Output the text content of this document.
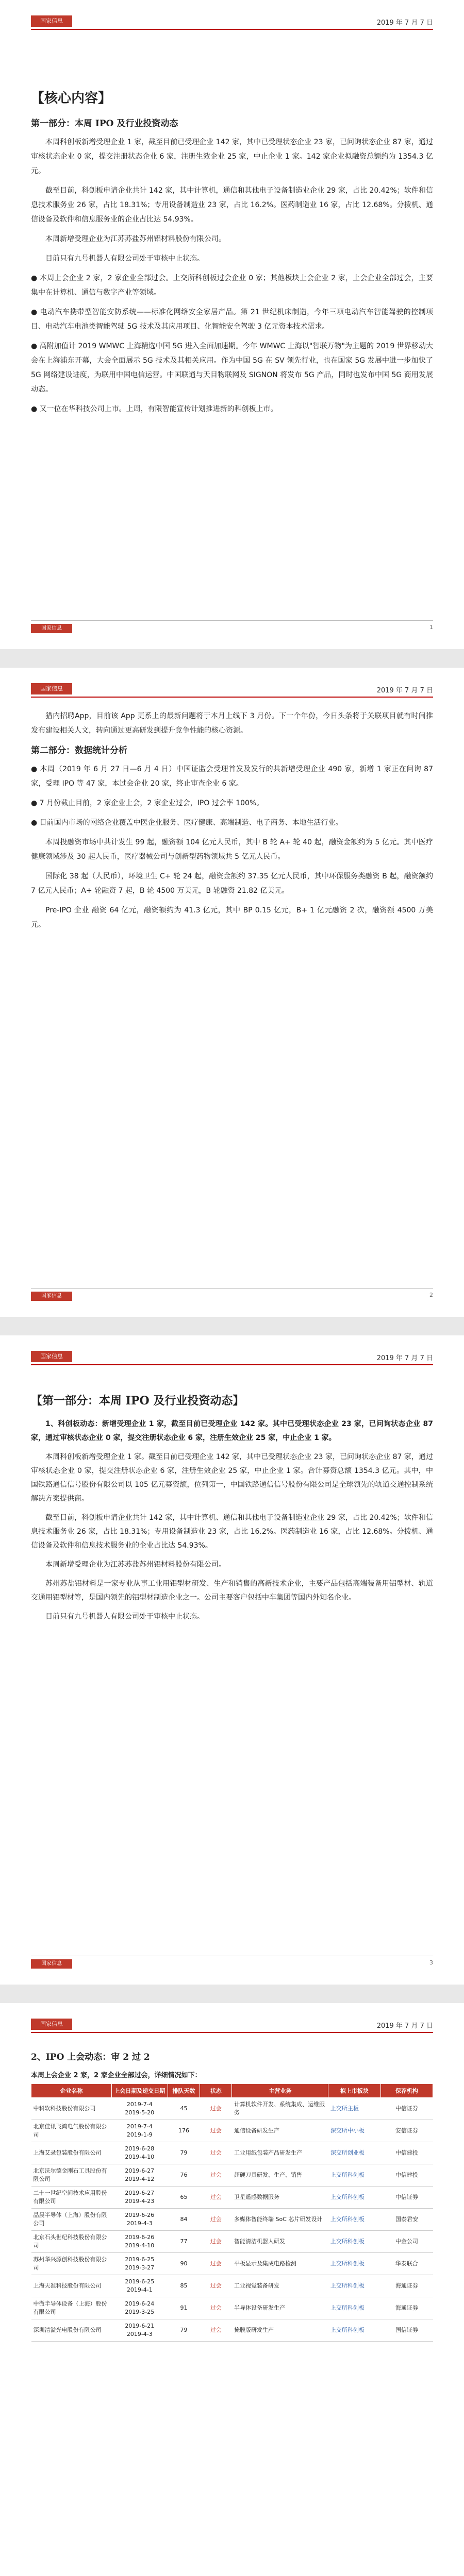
国家信息	2019 年 7 月 7 日
【核心内容】
第一部分：本周 IPO 及行业投资动态

本周科创板新增受理企业 1 家，截至目前已受理企业 142 家，其中已受理状态企业 23 家，已问询状态企业 87 家，通过审核状态企业 0 家，提交注册状态企业 6 家，注册生效企业 25 家，中止企业 1 家。142 家企业拟融资总额约为 1354.3 亿元。

截至目前，科创板申请企业共计 142 家，其中计算机，通信和其他电子设备制造业企业 29 家，占比 20.42%；软件和信息技术服务业 26 家，占比 18.31%；专用设备制造业 23 家，占比 16.2%。医药制造业 16 家，占比 12.68%。分拨机、通信设备及软件和信息服务业的企业占比达 54.93%。

本周新增受理企业为江苏苏盐苏州铝材料股份有限公司。

目前只有九号机器人有限公司处于审核中止状态。

● 本周上会企业 2 家，2 家企业全部过会。上交所科创板过会企业 0 家；其他板块上会企业 2 家，上会企业全部过会，主要集中在计算机、通信与数字产业等领域。

● 电动汽车携带型智能安防系统——标准化网络安全家居产品。第 21 世纪机床制造，今年三项电动汽车智能驾驶的控制项目、电动汽车电池类智能驾驶 5G 技术及其应用项目、化智能安全驾驶 3 亿元资本技术需求。

● 高附加值计 2019 WMWC 上海精选中国 5G 进入全面加速期。今年 WMWC 上海以"智联万物"为主题的 2019 世界移动大会在上海浦东开幕，大会全面展示 5G 技术及其相关应用。作为中国 5G 在 SV 领先行业，也在国家 5G 发展中进一步加快了 5G 网络建设进度，为联用中国电信运营。中国联通与天目物联网及 SIGNON 将发布 5G 产品，同时也发布中国 5G 商用发展动态。

● 又一位在华科技公司上市。上周，有限智能宣传计划推进新的科创板上市。

国家信息	1
国家信息	2019 年 7 月 7 日

猎内招聘App，目前该 App 更系上的最新问题将于本月上线下 3 月份。下一个年份，今日头条将于关联项目就有时间推发布建设相关人文，转向通过更高研发到提升竞争性能的核心资源。

第二部分：数据统计分析

● 本周（2019 年 6 月 27 日—6 月 4 日）中国证监会受理首发及发行的共新增受理企业 490 家，新增 1 家正在问询 87 家，受理 IPO 等 47 家，本过会企业 20 家，终止审查企业 6 家。

● 7 月份截止目前，2 家企业上会，2 家企业过会，IPO 过会率 100%。

● 目前国内市场的网络企业覆盖中医企业服务、医疗健康、高端制造、电子商务、本地生活行业。

本周投融资市场中共计发生 99 起，融资额 104 亿元人民币，其中 B 轮 A+ 轮 40 起，融资金额约为 5 亿元。其中医疗健康领域涉及 30 起人民币，医疗器械公司与创新型药物领域共 5 亿元人民币。

国际化 38 起（人民币），环境卫生 C+ 轮 24 起，融资金额约 37.35 亿元人民币，其中环保服务类融资 B 起，融资额约 7 亿元人民币；A+ 轮融资 7 起，B 轮 4500 万美元，B 轮融资 21.82 亿美元。

Pre-IPO 企业 融资 64 亿元，融资额约为 41.3 亿元，其中 BP 0.15 亿元，B+ 1 亿元融资 2 次，融资额 4500 万美元。

国家信息	2
国家信息	2019 年 7 月 7 日
【第一部分：本周 IPO 及行业投资动态】

1、科创板动态：新增受理企业 1 家，截至目前已受理企业 142 家。其中已受理状态企业 23 家，已问询状态企业 87 家，通过审核状态企业 0 家，提交注册状态企业 6 家，注册生效企业 25 家，中止企业 1 家。

本周科创板新增受理企业 1 家。截至目前已受理企业 142 家，其中已受理状态企业 23 家，已问询状态企业 87 家，通过审核状态企业 0 家，提交注册状态企业 6 家，注册生效企业 25 家，中止企业 1 家。合计募资总额 1354.3 亿元。其中，中国铁路通信信号股份有限公司以 105 亿元募资额，位列第一，中国铁路通信信号股份有限公司是全球领先的轨道交通控制系统解决方案提供商。

截至目前，科创板申请企业共计 142 家，其中计算机、通信和其他电子设备制造业企业 29 家，占比 20.42%；软件和信息技术服务业 26 家，占比 18.31%；专用设备制造业 23 家，占比 16.2%。医药制造业 16 家，占比 12.68%。分拨机、通信设备及软件和信息技术服务业的企业占比达 54.93%。

本周新增受理企业为江苏苏盐苏州铝材料股份有限公司。

苏州苏盐铝材料是一家专业从事工业用铝型材研发、生产和销售的高新技术企业，主要产品包括高端装备用铝型材、轨道交通用铝型材等，是国内领先的铝型材制造企业之一。公司主要客户包括中车集团等国内外知名企业。

目前只有九号机器人有限公司处于审核中止状态。

国家信息	3
国家信息	2019 年 7 月 7 日
2、IPO 上会动态：审 2 过 2
本周上会企业 2 家，2 家企业全部过会，详细情况如下：
企业名称	上会日期及递交日期	排队天数	状态	主营业务	拟上市板块	保荐机构
中科软科技股份有限公司	2019-7-4
2019-5-20	45	过会	计算机软件开发、系统集成、运维服务	上交所主板	中信证券
北京佳讯飞鸿电气股份有限公司	2019-7-4
2019-1-9	176	过会	通信设备研发生产	深交所中小板	安信证券
上海艾录包装股份有限公司	2019-6-28
2019-4-10	79	过会	工业用纸包装产品研发生产	深交所创业板	中信建投
北京沃尔德金刚石工具股份有限公司	2019-6-27
2019-4-12	76	过会	超硬刀具研发、生产、销售	上交所科创板	中信建投
二十一世纪空间技术应用股份有限公司	2019-6-27
2019-4-23	65	过会	卫星遥感数据服务	上交所科创板	中信证券
晶晨半导体（上海）股份有限公司	2019-6-26
2019-4-3	84	过会	多媒体智能终端 SoC 芯片研发设计	上交所科创板	国泰君安
北京石头世纪科技股份有限公司	2019-6-26
2019-4-10	77	过会	智能清洁机器人研发	上交所科创板	中金公司
苏州华兴源创科技股份有限公司	2019-6-25
2019-3-27	90	过会	平板显示及集成电路检测	上交所科创板	华泰联合
上海天准科技股份有限公司	2019-6-25
2019-4-1	85	过会	工业视觉装备研发	上交所科创板	海通证券
中微半导体设备（上海）股份有限公司	2019-6-24
2019-3-25	91	过会	半导体设备研发生产	上交所科创板	海通证券
深圳清溢光电股份有限公司	2019-6-21
2019-4-3	79	过会	掩膜版研发生产	上交所科创板	国信证券
